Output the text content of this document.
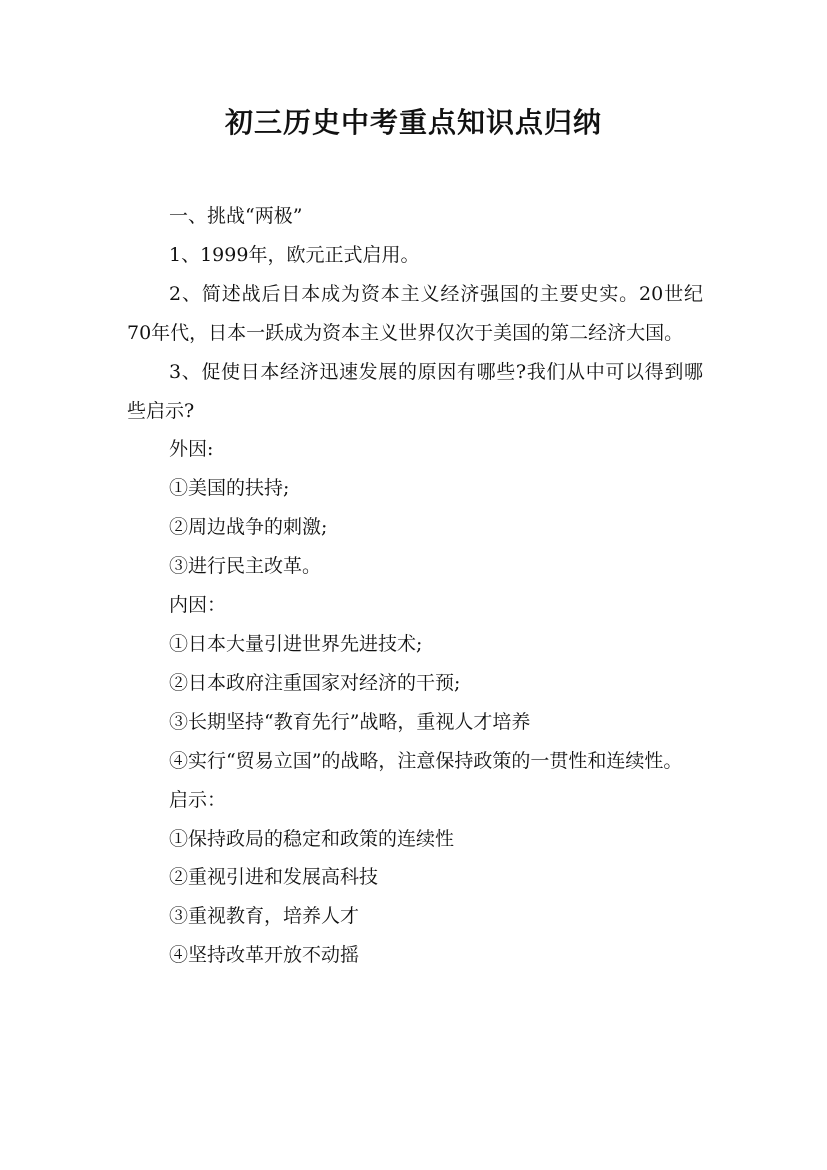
初三历史中考重点知识点归纳

一、挑战“两极”

1、1999年，欧元正式启用。

2、简述战后日本成为资本主义经济强国的主要史实。20世纪70年代，日本一跃成为资本主义世界仅次于美国的第二经济大国。

3、促使日本经济迅速发展的原因有哪些?我们从中可以得到哪些启示?

外因:

①美国的扶持;

②周边战争的刺激;

③进行民主改革。

内因：

①日本大量引进世界先进技术;

②日本政府注重国家对经济的干预;

③长期坚持“教育先行”战略，重视人才培养

④实行“贸易立国”的战略，注意保持政策的一贯性和连续性。

启示：

①保持政局的稳定和政策的连续性

②重视引进和发展高科技

③重视教育，培养人才

④坚持改革开放不动摇
